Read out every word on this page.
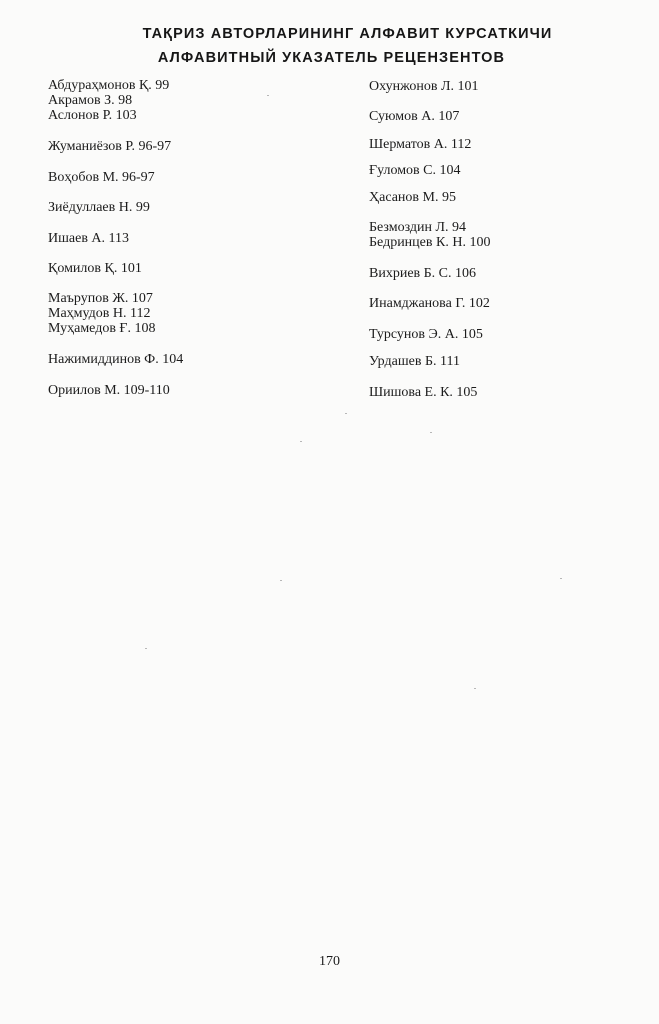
ТАҚРИЗ АВТОРЛАРИНИНГ АЛФАВИТ КУРСАТКИЧИ
АЛФАВИТНЫЙ УКАЗАТЕЛЬ РЕЦЕНЗЕНТОВ
Абдураҳмонов Қ. 99
Акрамов З. 98
Аслонов Р. 103
Жуманиёзов Р. 96-97
Воҳобов М. 96-97
Зиёдуллаев Н. 99
Ишаев А. 113
Қомилов Қ. 101
Маърупов Ж. 107
Маҳмудов Н. 112
Муҳамедов Ғ. 108
Нажимиддинов Ф. 104
Ориилов М. 109-110
Охунжонов Л. 101
Суюмов А. 107
Шерматов А. 112
Ғуломов С. 104
Ҳасанов М. 95
Безмоздин Л. 94
Бедринцев К. Н. 100
Вихриев Б. С. 106
Инамджанова Г. 102
Турсунов Э. А. 105
Урдашев Б. 111
Шишова Е. К. 105
170
